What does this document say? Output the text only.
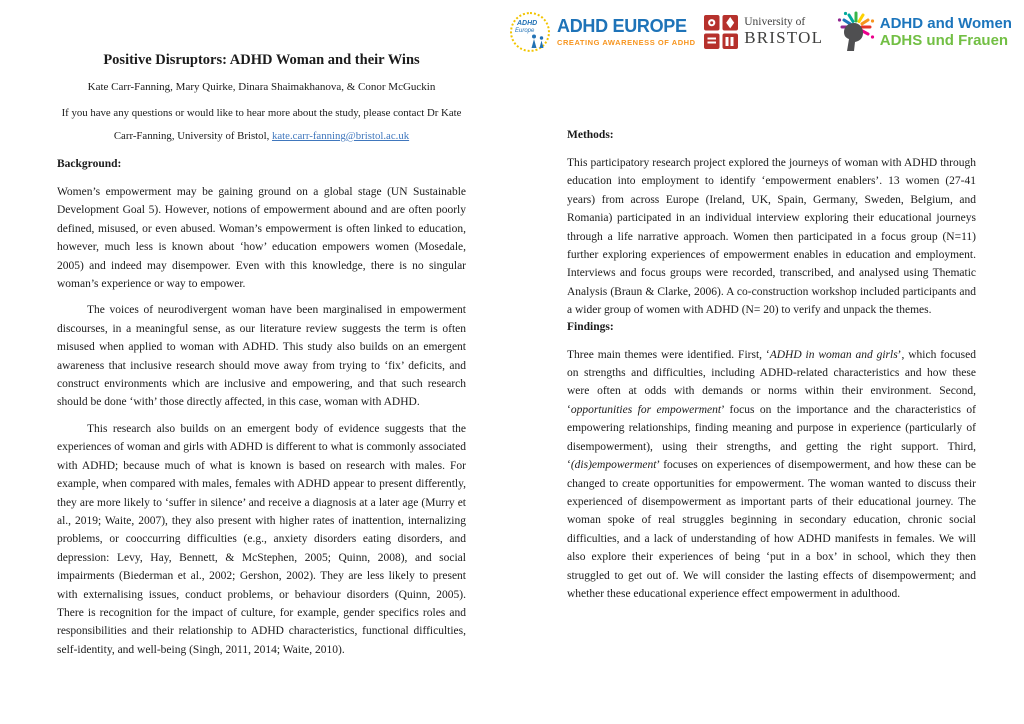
ADHD
Europe ADHD EUROPE
CREATING AWARENESS OF ADHD
University of
BRISTOL
ADHD and Women
ADHS und Frauen
Positive Disruptors: ADHD Woman and their Wins

Kate Carr-Fanning, Mary Quirke, Dinara Shaimakhanova, & Conor McGuckin

If you have any questions or would like to hear more about the study, please contact Dr Kate Carr-Fanning, University of Bristol, kate.carr-fanning@bristol.ac.uk

Background:

Women’s empowerment may be gaining ground on a global stage (UN Sustainable Development Goal 5). However, notions of empowerment abound and are often poorly defined, misused, or even abused. Woman’s empowerment is often linked to education, however, much less is known about ‘how’ education empowers women (Mosedale, 2005) and indeed may disempower. Even with this knowledge, there is no singular woman’s experience or way to empower.

The voices of neurodivergent woman have been marginalised in empowerment discourses, in a meaningful sense, as our literature review suggests the term is often misused when applied to woman with ADHD. This study also builds on an emergent awareness that inclusive research should move away from trying to ‘fix’ deficits, and construct environments which are inclusive and empowering, and that such research should be done ‘with’ those directly affected, in this case, woman with ADHD.

This research also builds on an emergent body of evidence suggests that the experiences of woman and girls with ADHD is different to what is commonly associated with ADHD; because much of what is known is based on research with males. For example, when compared with males, females with ADHD appear to present differently, they are more likely to ‘suffer in silence’ and receive a diagnosis at a later age (Murry et al., 2019; Waite, 2007), they also present with higher rates of inattention, internalizing problems, or cooccurring difficulties (e.g., anxiety disorders eating disorders, and depression: Levy, Hay, Bennett, & McStephen, 2005; Quinn, 2008), and social impairments (Biederman et al., 2002; Gershon, 2002). They are less likely to present with externalising issues, conduct problems, or behaviour disorders (Quinn, 2005). There is recognition for the impact of culture, for example, gender specifics roles and responsibilities and their relationship to ADHD characteristics, functional difficulties, self-identity, and well-being (Singh, 2011, 2014; Waite, 2010).

Methods:

This participatory research project explored the journeys of woman with ADHD through education into employment to identify ‘empowerment enablers’. 13 women (27-41 years) from across Europe (Ireland, UK, Spain, Germany, Sweden, Belgium, and Romania) participated in an individual interview exploring their educational journeys through a life narrative approach. Women then participated in a focus group (N=11) further exploring experiences of empowerment enables in education and employment. Interviews and focus groups were recorded, transcribed, and analysed using Thematic Analysis (Braun & Clarke, 2006). A co-construction workshop included participants and a wider group of women with ADHD (N= 20) to verify and unpack the themes.

Findings:

Three main themes were identified. First, ‘ADHD in woman and girls’, which focused on strengths and difficulties, including ADHD-related characteristics and how these were often at odds with demands or norms within their environment. Second, ‘opportunities for empowerment’ focus on the importance and the characteristics of empowering relationships, finding meaning and purpose in experience (particularly of disempowerment), using their strengths, and getting the right support. Third, ‘(dis)empowerment’ focuses on experiences of disempowerment, and how these can be changed to create opportunities for empowerment. The woman wanted to discuss their experienced of disempowerment as important parts of their educational journey. The woman spoke of real struggles beginning in secondary education, chronic social difficulties, and a lack of understanding of how ADHD manifests in females. We will also explore their experiences of being ‘put in a box’ in school, which they then struggled to get out of. We will consider the lasting effects of disempowerment; and whether these educational experience effect empowerment in adulthood.
